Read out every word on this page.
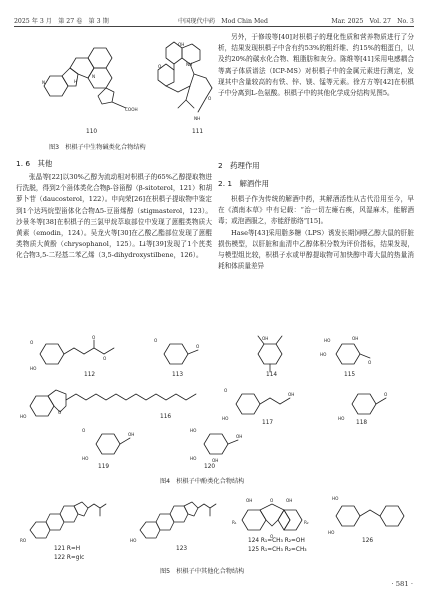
2025 年 3 月　第 27 卷　第 3 期	中国现代中药　Mod Chin Med	Mar. 2025　Vol. 27　No. 3
N	H
COOH
N
O
OH
NH
O
NH
110	111
图3　枳椇子中生物碱类化合物结构
1. 6　其他

张晶等[22]以30%乙醇为流动相对枳椇子的65%乙醇提取物进行洗脱，得到2个甾体类化合物β-谷甾醇（β-sitoterol，121）和胡萝卜苷（daucosterol，122）。申向荣[26]在枳椇子提取物中鉴定到1个达玛烷型甾体化合物Δ5-豆甾烯醇（stigmasterol，123）。沙景冬等[38]在枳椇子的三氯甲烷萃取部位中发现了蒽醌类物质大黄素（emodin，124）。吴龙火等[30]在乙酸乙酯部位发现了蒽醌类物质大黄酚（chrysophanol，125）。Li等[39]发现了1个芪类化合物3,5-二羟基二苯乙烯（3,5-dihydroxystilbene，126）。

另外，于修竣等[40]对枳椇子的理化性质和营养物质进行了分析，结果发现枳椇子中含有约53%的粗纤维、约15%的粗蛋白，以及约20%的碳水化合物、粗脂肪和灰分。陈维等[41]采用电感耦合等离子体质谱法（ICP-MS）对枳椇子中的金属元素进行测定，发现其中含量较高的有铁、锌、镁、锰等元素。徐方方等[42]在枳椇子中分离到L-色氨酸。枳椇子中的其他化学成分结构见图5。

2　药理作用
2. 1　解酒作用

枳椇子作为传统的解酒中药，其解酒活性从古代沿用至今，早在《滇南本草》中有记载：“治一切左瘫右痪，风湿麻木，能解酒毒；或泡酒服之，亦能舒筋络”[15]。

Hase等[43]采用脂多糖（LPS）诱发长期饲喂乙醇大鼠的肝脏损伤模型，以肝脏和血清中乙醇体积分数为评价指标，结果发现，与模型组比较，枳椇子水或甲醇提取物可加快醇中毒大鼠的热量消耗和体质量差异

HO
O
O
O
O
O
OH	HO	OH
HO
O
112	113	114	115
HO
O
O
HO
OH
HO
O
117	118
116
O
HO
OH
HO
HO	OH
OH
119	120
图4　枳椇子中酚类化合物结构
RO	HO
OH	O	OH
O
R₁	R₂
HO
HO
121 R=H
122 R=glc
123
124 R₁=CH₃ R₂=OH
125 R₁=CH₃ R₂=CH₃
126
图5　枳椇子中其他化合物结构
· 581 ·
